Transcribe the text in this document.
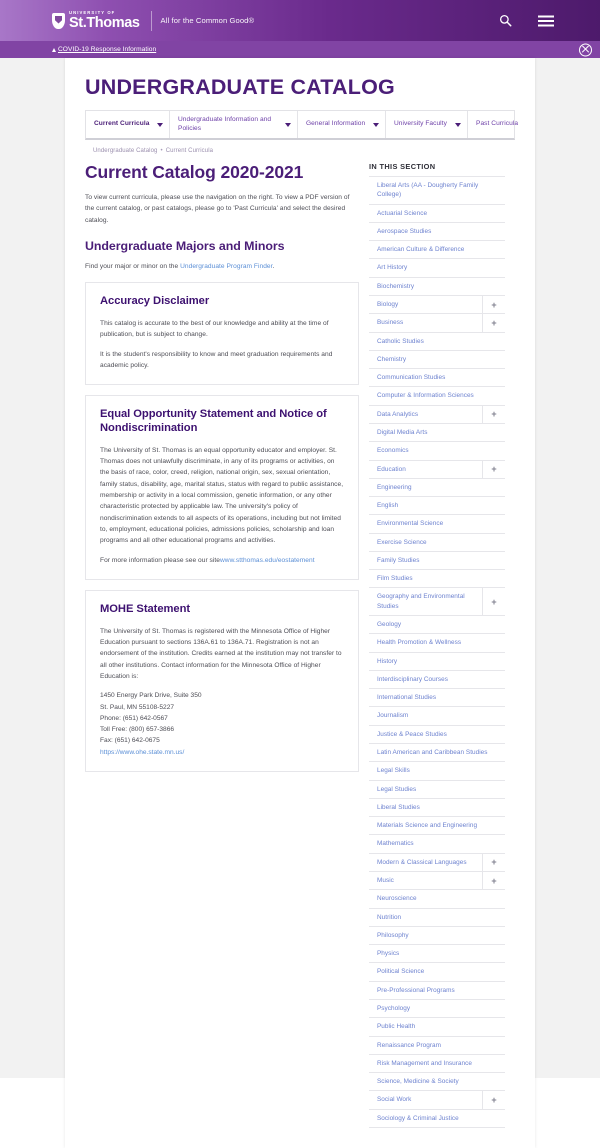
UNIVERSITY OF
St.Thomas	All for the Common Good®
COVID-19 Response Information
UNDERGRADUATE CATALOG
Current Curricula
Undergraduate Information and Policies
General Information	University Faculty	Past Curricula
Undergraduate Catalog • Current Curricula
Current Catalog 2020-2021
To view current curricula, please use the navigation on the right. To view a PDF version of the current catalog, or past catalogs, please go to 'Past Curricula' and select the desired catalog.
Undergraduate Majors and Minors
Find your major or minor on the Undergraduate Program Finder.
Accuracy Disclaimer
This catalog is accurate to the best of our knowledge and ability at the time of publication, but is subject to change.
It is the student's responsibility to know and meet graduation requirements and academic policy.
Equal Opportunity Statement and Notice of Nondiscrimination
The University of St. Thomas is an equal opportunity educator and employer. St. Thomas does not unlawfully discriminate, in any of its programs or activities, on the basis of race, color, creed, religion, national origin, sex, sexual orientation, family status, disability, age, marital status, status with regard to public assistance, membership or activity in a local commission, genetic information, or any other characteristic protected by applicable law. The university's policy of nondiscrimination extends to all aspects of its operations, including but not limited to, employment, educational policies, admissions policies, scholarship and loan programs and all other educational programs and activities.
For more information please see our sitewww.stthomas.edu/eostatement
MOHE Statement
The University of St. Thomas is registered with the Minnesota Office of Higher Education pursuant to sections 136A.61 to 136A.71. Registration is not an endorsement of the institution. Credits earned at the institution may not transfer to all other institutions. Contact information for the Minnesota Office of Higher Education is:
1450 Energy Park Drive, Suite 350
St. Paul, MN 55108-5227
Phone: (651) 642-0567
Toll Free: (800) 657-3866
Fax: (651) 642-0675
https://www.ohe.state.mn.us/
IN THIS SECTION
Liberal Arts (AA - Dougherty Family College)
Actuarial Science
Aerospace Studies
American Culture & Difference
Art History
Biochemistry
Biology	+
Business	+
Catholic Studies
Chemistry
Communication Studies
Computer & Information Sciences
Data Analytics	+
Digital Media Arts
Economics
Education	+
Engineering
English
Environmental Science
Exercise Science
Family Studies
Film Studies
Geography and Environmental Studies	+
Geology
Health Promotion & Wellness
History
Interdisciplinary Courses
International Studies
Journalism
Justice & Peace Studies
Latin American and Caribbean Studies
Legal Skills
Legal Studies
Liberal Studies
Materials Science and Engineering
Mathematics
Modern & Classical Languages	+
Music	+
Neuroscience
Nutrition
Philosophy
Physics
Political Science
Pre-Professional Programs
Psychology
Public Health
Renaissance Program
Risk Management and Insurance
Science, Medicine & Society
Social Work	+
Sociology & Criminal Justice
